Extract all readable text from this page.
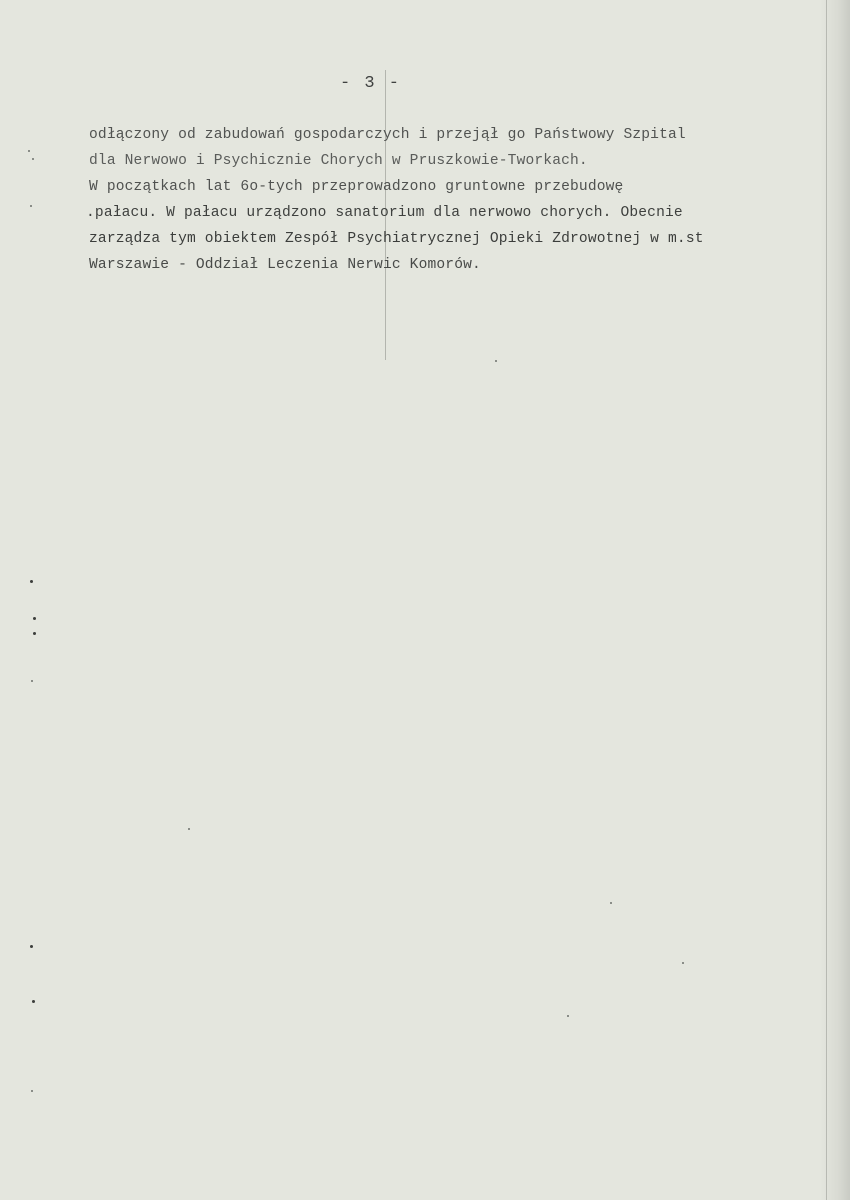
- 3 -
odłączony od zabudowań gospodarczych i przejął go Państwowy Szpital
dla Nerwowo i Psychicznie Chorych w Pruszkowie-Tworkach.
W początkach lat 6o-tych przeprowadzono gruntowne przebudowę
.pałacu. W pałacu urządzono sanatorium dla nerwowo chorych. Obecnie
zarządza tym obiektem Zespół Psychiatrycznej Opieki Zdrowotnej w m.st
Warszawie - Oddział Leczenia Nerwic Komorów.
